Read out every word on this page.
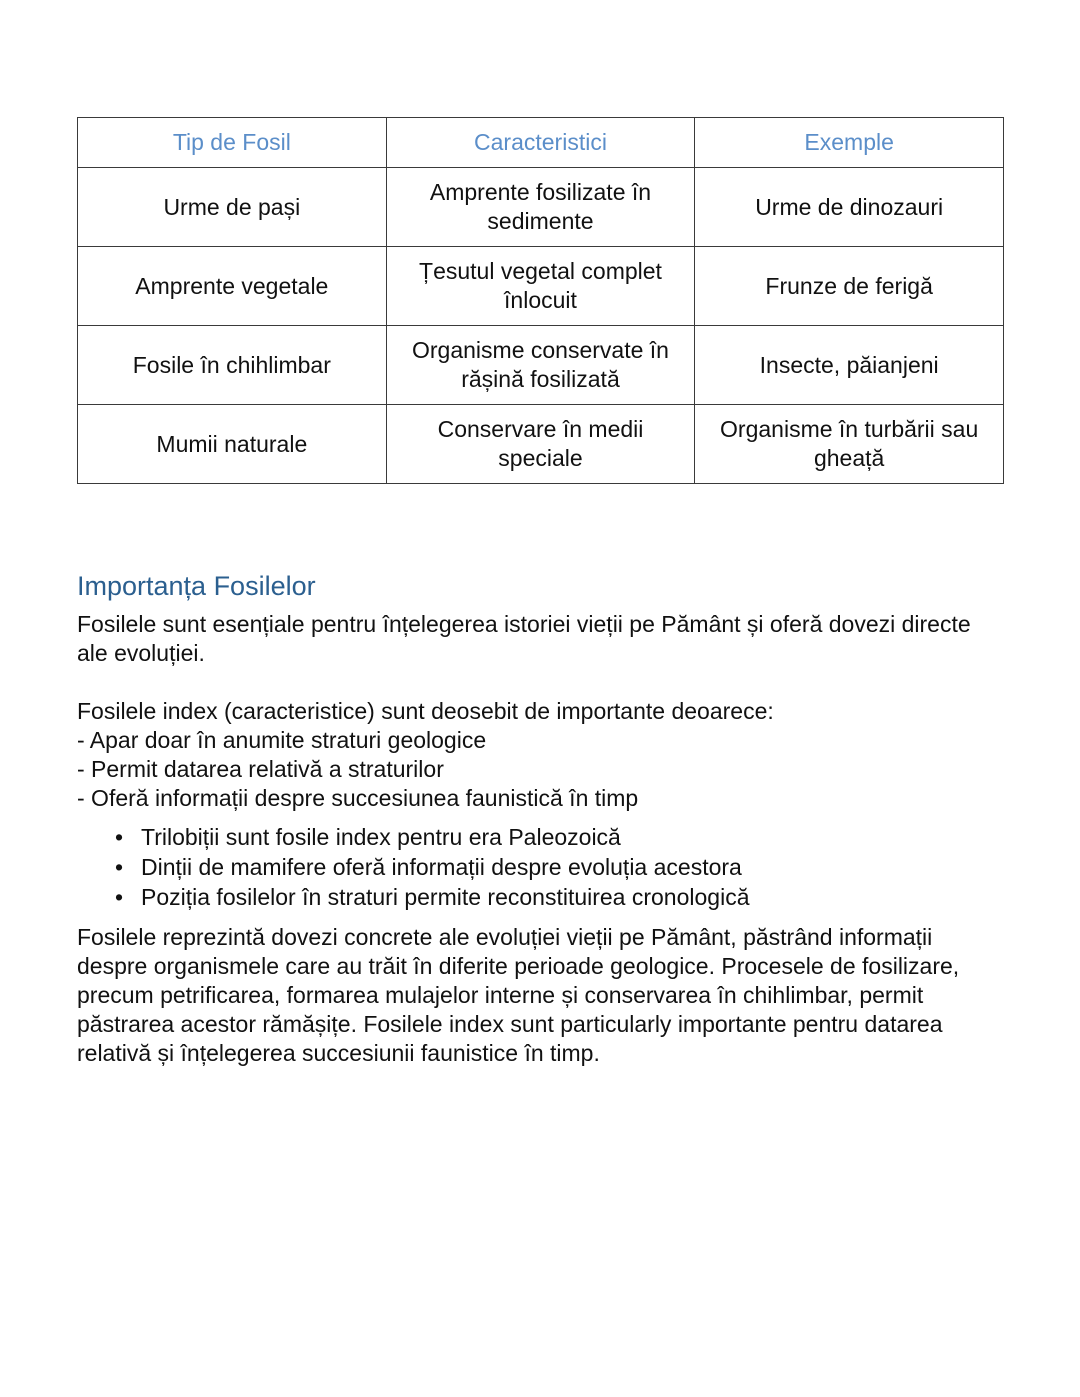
Tip de Fosil	Caracteristici	Exemple
Urme de pași	Amprente fosilizate în sedimente	Urme de dinozauri
Amprente vegetale	Țesutul vegetal complet înlocuit	Frunze de ferigă
Fosile în chihlimbar	Organisme conservate în rășină fosilizată	Insecte, păianjeni
Mumii naturale	Conservare în medii speciale	Organisme în turbării sau gheață
Importanța Fosilelor

Fosilele sunt esențiale pentru înțelegerea istoriei vieții pe Pământ și oferă dovezi directe ale evoluției.

Fosilele index (caracteristice) sunt deosebit de importante deoarece:
- Apar doar în anumite straturi geologice
- Permit datarea relativă a straturilor
- Oferă informații despre succesiunea faunistică în timp

• Trilobiții sunt fosile index pentru era Paleozoică
• Dinții de mamifere oferă informații despre evoluția acestora
• Poziția fosilelor în straturi permite reconstituirea cronologică

Fosilele reprezintă dovezi concrete ale evoluției vieții pe Pământ, păstrând informații despre organismele care au trăit în diferite perioade geologice. Procesele de fosilizare, precum petrificarea, formarea mulajelor interne și conservarea în chihlimbar, permit păstrarea acestor rămășițe. Fosilele index sunt particularly importante pentru datarea relativă și înțelegerea succesiunii faunistice în timp.
